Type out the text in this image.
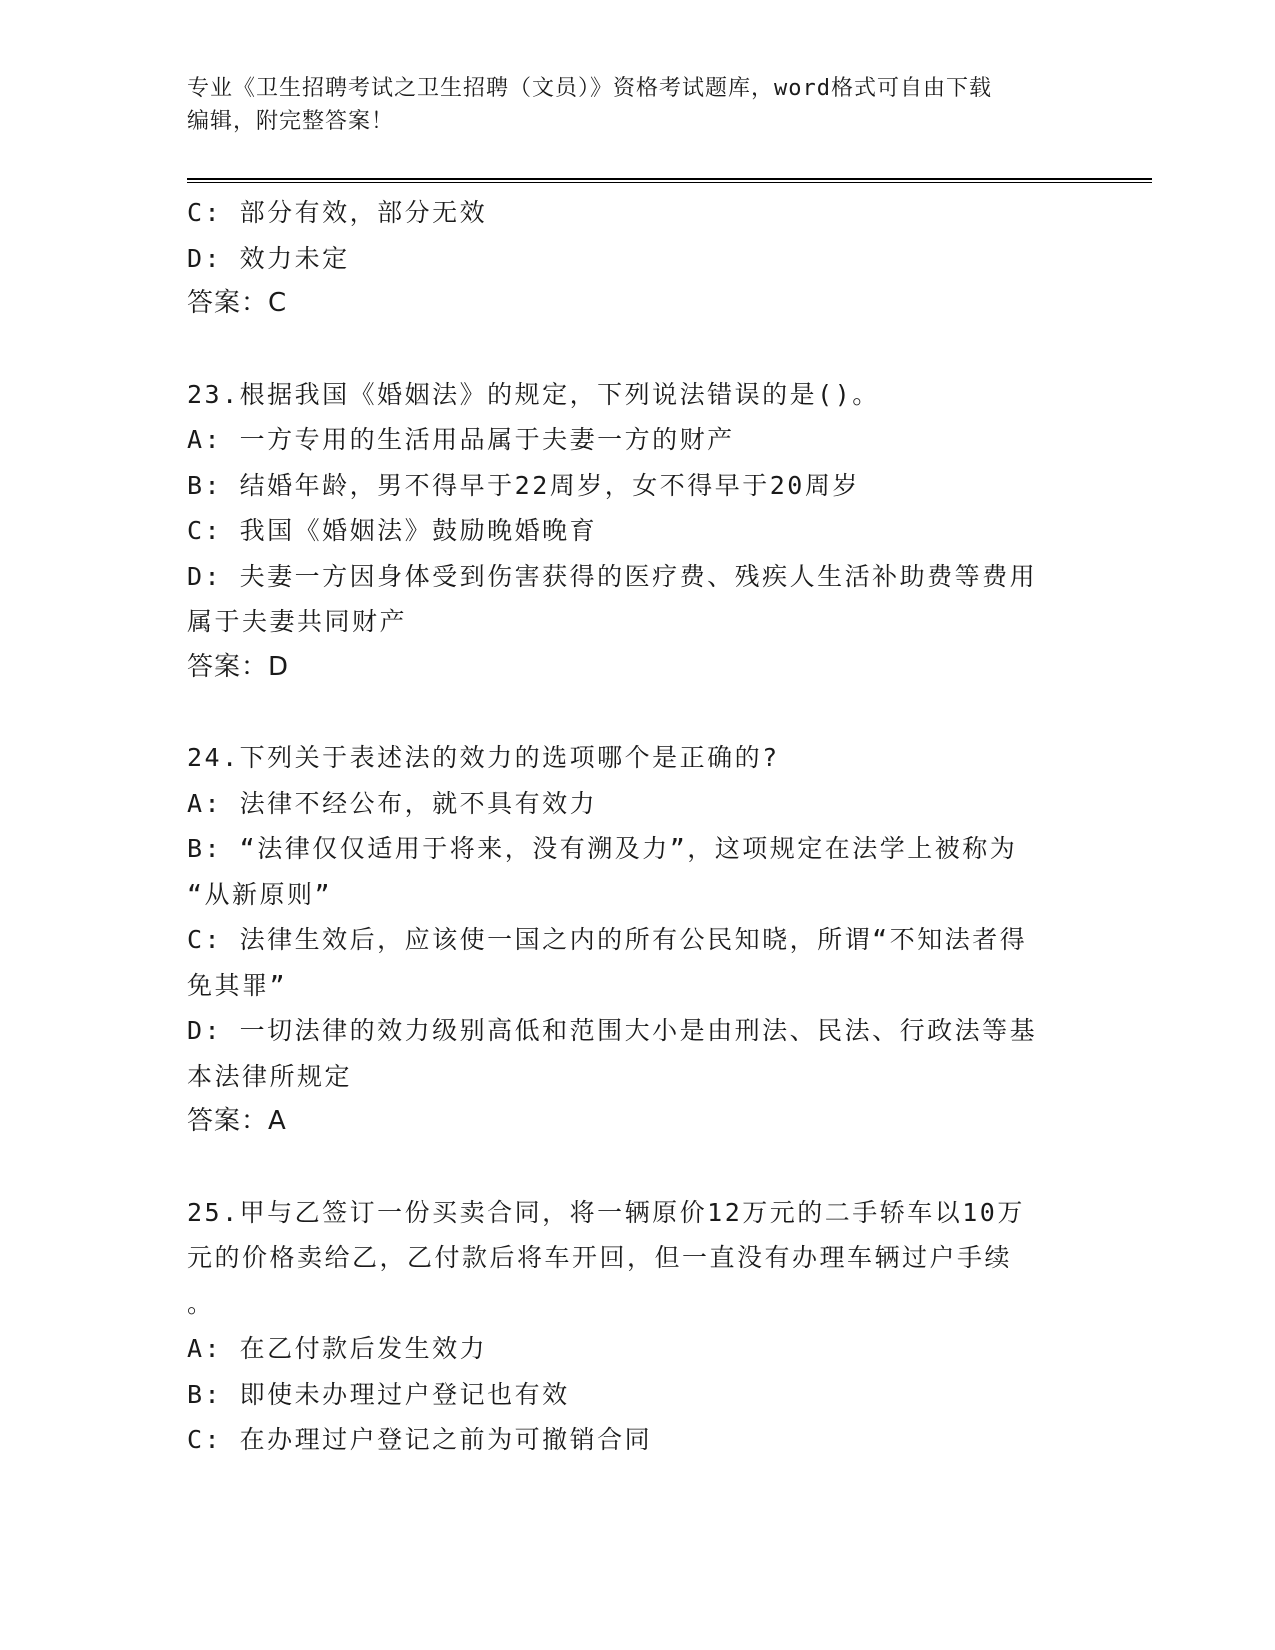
专业《卫生招聘考试之卫生招聘（文员）》资格考试题库，word格式可自由下载
编辑，附完整答案！
C: 部分有效，部分无效
D: 效力未定
答案：C
23.根据我国《婚姻法》的规定，下列说法错误的是()。
A: 一方专用的生活用品属于夫妻一方的财产
B: 结婚年龄，男不得早于22周岁，女不得早于20周岁
C: 我国《婚姻法》鼓励晚婚晚育
D: 夫妻一方因身体受到伤害获得的医疗费、残疾人生活补助费等费用
属于夫妻共同财产
答案：D
24.下列关于表述法的效力的选项哪个是正确的?
A: 法律不经公布，就不具有效力
B: “法律仅仅适用于将来，没有溯及力”，这项规定在法学上被称为
“从新原则”
C: 法律生效后，应该使一国之内的所有公民知晓，所谓“不知法者得
免其罪”
D: 一切法律的效力级别高低和范围大小是由刑法、民法、行政法等基
本法律所规定
答案：A
25.甲与乙签订一份买卖合同，将一辆原价12万元的二手轿车以10万
元的价格卖给乙，乙付款后将车开回，但一直没有办理车辆过户手续
。
A: 在乙付款后发生效力
B: 即使未办理过户登记也有效
C: 在办理过户登记之前为可撤销合同
